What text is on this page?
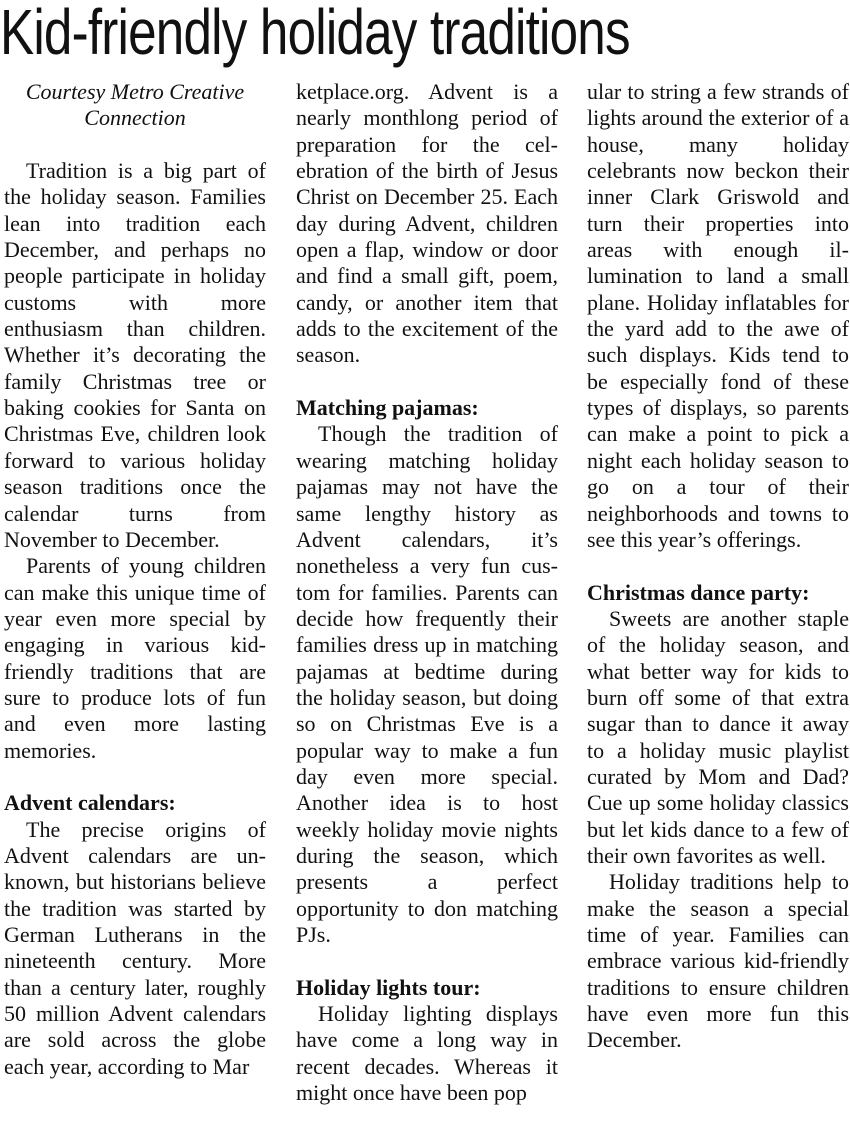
Kid-friendly holiday traditions

Courtesy Metro Creative Connection

Tradition is a big part of the holiday season. Families lean into tradition each December, and perhaps no people participate in holiday customs with more enthusiasm than children. Whether it’s decorating the family Christmas tree or baking cookies for Santa on Christmas Eve, children look forward to various holiday season traditions once the calendar turns from November to December.

Parents of young children can make this unique time of year even more special by engaging in various kid-friendly traditions that are sure to produce lots of fun and even more lasting memories.

Advent calendars:

The precise origins of Advent calendars are unknown, but historians believe the tradition was started by German Lutherans in the nineteenth century. More than a century later, roughly 50 million Advent calendars are sold across the globe each year, according to Mar

ketplace.org. Advent is a nearly monthlong period of preparation for the celebration of the birth of Jesus Christ on December 25. Each day during Advent, children open a flap, window or door and find a small gift, poem, candy, or another item that adds to the excitement of the season.

Matching pajamas:

Though the tradition of wearing matching holiday pajamas may not have the same lengthy history as Advent calendars, it’s nonetheless a very fun custom for families. Parents can decide how frequently their families dress up in matching pajamas at bedtime during the holiday season, but doing so on Christmas Eve is a popular way to make a fun day even more special. Another idea is to host weekly holiday movie nights during the season, which presents a perfect opportunity to don matching PJs.

Holiday lights tour:

Holiday lighting displays have come a long way in recent decades. Whereas it might once have been pop

ular to string a few strands of lights around the exterior of a house, many holiday celebrants now beckon their inner Clark Griswold and turn their properties into areas with enough illumination to land a small plane. Holiday inflatables for the yard add to the awe of such displays. Kids tend to be especially fond of these types of displays, so parents can make a point to pick a night each holiday season to go on a tour of their neighborhoods and towns to see this year’s offerings.

Christmas dance party:

Sweets are another staple of the holiday season, and what better way for kids to burn off some of that extra sugar than to dance it away to a holiday music playlist curated by Mom and Dad? Cue up some holiday classics but let kids dance to a few of their own favorites as well.

Holiday traditions help to make the season a special time of year. Families can embrace various kid-friendly traditions to ensure children have even more fun this December.
